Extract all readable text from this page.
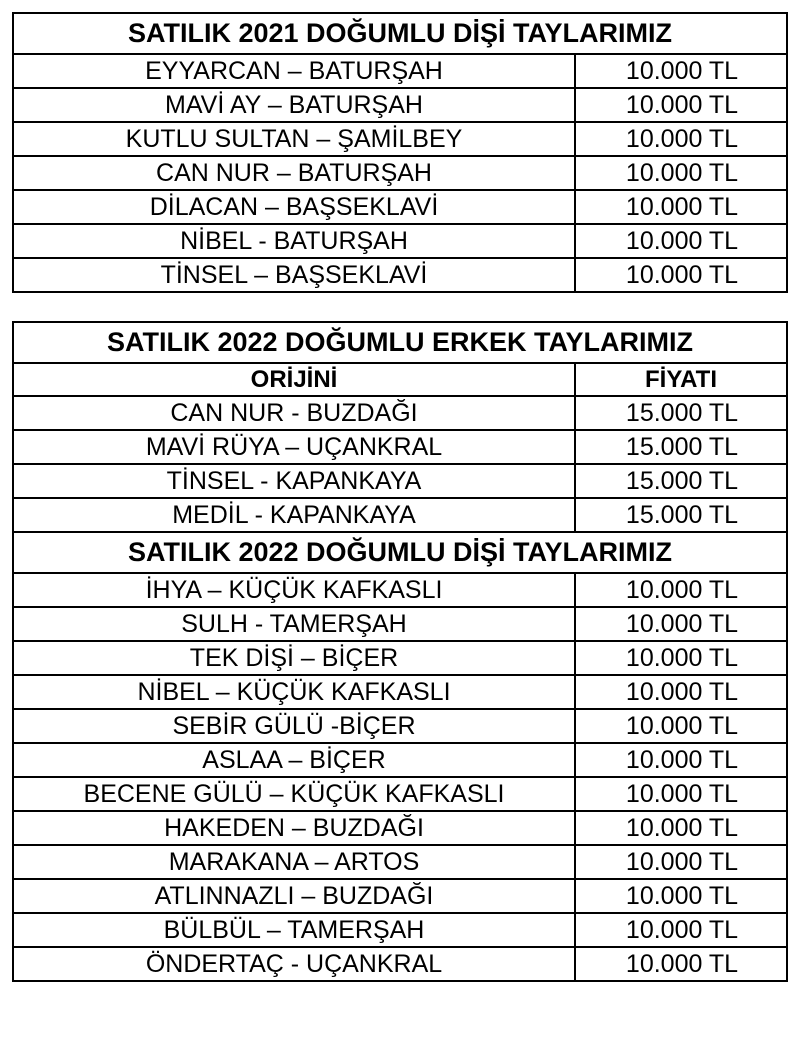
SATILIK 2021 DOĞUMLU DİŞİ TAYLARIMIZ	
EYYARCAN – BATURŞAH	10.000 TL
MAVİ AY – BATURŞAH	10.000 TL
KUTLU SULTAN – ŞAMİLBEY	10.000 TL
CAN NUR – BATURŞAH	10.000 TL
DİLACAN – BAŞSEKLAVİ	10.000 TL
NİBEL - BATURŞAH	10.000 TL
TİNSEL – BAŞSEKLAVİ	10.000 TL
SATILIK 2022 DOĞUMLU ERKEK TAYLARIMIZ	
ORİJİNİ	FİYATI
CAN NUR - BUZDAĞI	15.000 TL
MAVİ RÜYA – UÇANKRAL	15.000 TL
TİNSEL - KAPANKAYA	15.000 TL
MEDİL - KAPANKAYA	15.000 TL
SATILIK 2022 DOĞUMLU DİŞİ TAYLARIMIZ	
İHYA – KÜÇÜK KAFKASLI	10.000 TL
SULH - TAMERŞAH	10.000 TL
TEK DİŞİ – BİÇER	10.000 TL
NİBEL – KÜÇÜK KAFKASLI	10.000 TL
SEBİR GÜLÜ -BİÇER	10.000 TL
ASLAA – BİÇER	10.000 TL
BECENE GÜLÜ – KÜÇÜK KAFKASLI	10.000 TL
HAKEDEN – BUZDAĞI	10.000 TL
MARAKANA – ARTOS	10.000 TL
ATLINNAZLI – BUZDAĞI	10.000 TL
BÜLBÜL – TAMERŞAH	10.000 TL
ÖNDERTAÇ - UÇANKRAL	10.000 TL
